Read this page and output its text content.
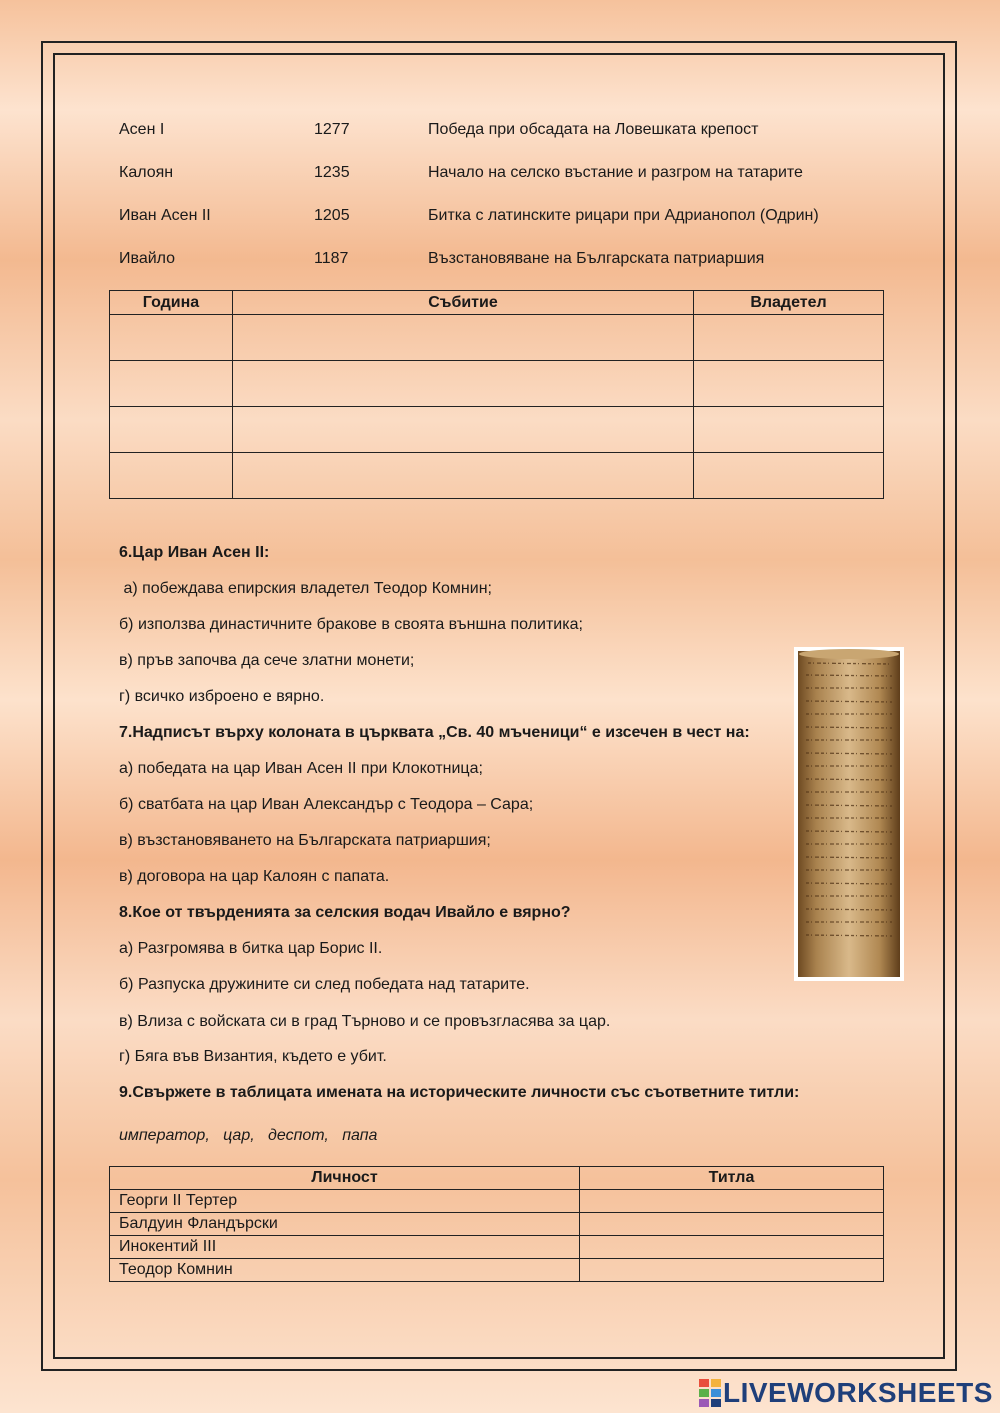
Асен I	1277	Победа при обсадата на Ловешката крепост
Калоян	1235	Начало на селско въстание и разгром на татарите
Иван Асен II	1205	Битка с латинските рицари при Адрианопол (Одрин)
Ивайло	1187	Възстановяване на Българската патриаршия
Година	Събитие	Владетел

6.Цар Иван Асен II:
а) побеждава епирския владетел Теодор Комнин;
б) използва династичните бракове в своята външна политика;
в) пръв започва да сече златни монети;
г) всичко изброено е вярно.
7.Надписът върху колоната в църквата „Св. 40 мъченици“ е изсечен в чест на:
а) победата на цар Иван Асен II при Клокотница;
б) сватбата на цар Иван Александър с Теодора – Сара;
в) възстановяването на Българската патриаршия;
в) договора на цар Калоян с папата.
8.Кое от твърденията за селския водач Ивайло е вярно?
а) Разгромява в битка цар Борис II.
б) Разпуска дружините си след победата над татарите.
в) Влиза с войската си в град Търново и се провъзгласява за цар.
г) Бяга във Византия, където е убит.
9.Свържете в таблицата имената на историческите личности със съответните титли:
император,   цар,   деспот,   папа
Личност	Титла
Георги II Тертер	
Балдуин Фландърски	
Инокентий III	
Теодор Комнин	
LIVEWORKSHEETS
